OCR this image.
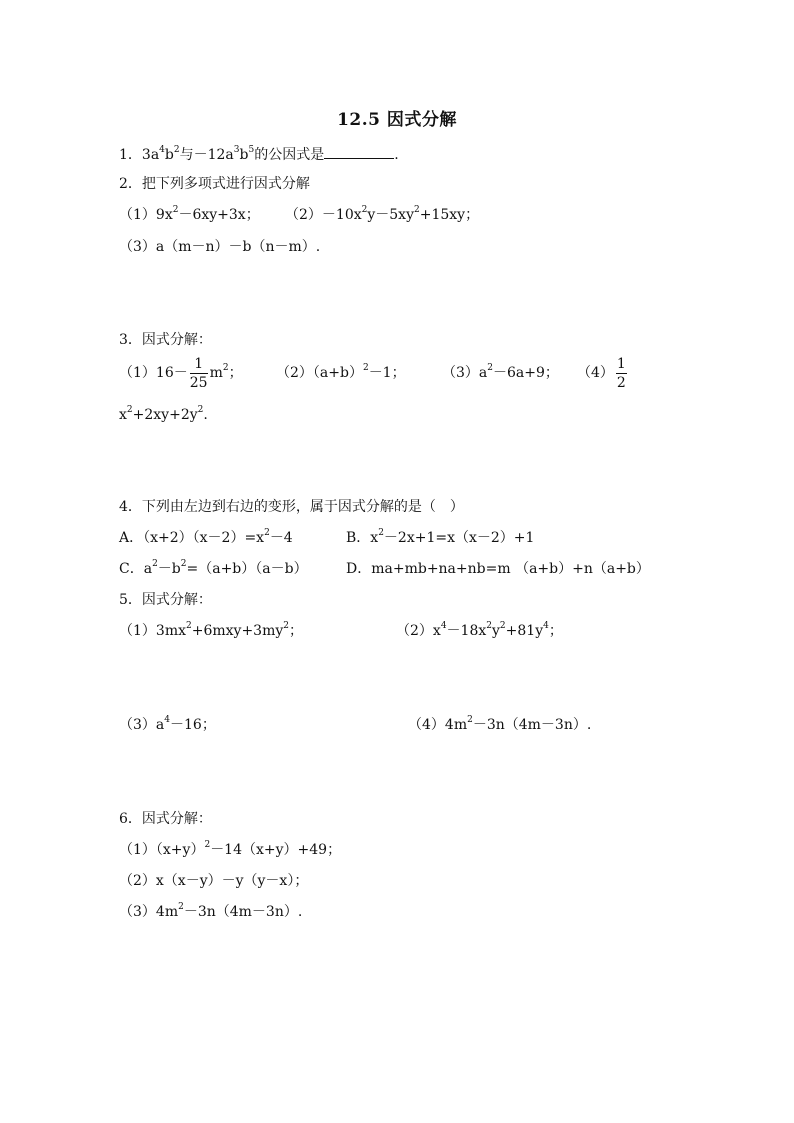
12.5 因式分解
1．$3a^4b^2$与$-12a^3b^5$的公因式是	.
2．把下列多项式进行因式分解
$(1)9x^2-6xy+3x$； $(2)-10x^2y-5xy^2+15xy$；
（3）a（m－n）－b（n－m）.
3．因式分解：
$(1)16- \frac{1}{25} m^2$； $(2)(a+b)^2-1$；	$(3)a^2-6a+9$； $(4) \frac{1}{2}$
$x^2+2xy+2y^2$.
4．下列由左边到右边的变形，属于因式分解的是（　）
A．$(x+2)(x-2)=x^2-4$	B．$x^2-2x+1=x(x-2)+1$
C．$a^2-b^2=(a+b)(a-b)$	D．ma+mb+na+nb=m （a+b）+n（a+b）
5．因式分解：
$(1)3mx^2+6mxy+3my^2$；	$(2)x^4-18x^2y^2+81y^4$；
$(3)a^4-16$；	$(4)4m^2-3n(4m-3n)$.
6．因式分解：
$(1)(x+y)^2-14(x+y)+49$；
（2）x（x－y）－y（y－x）；
$(3)4m^2-3n(4m-3n)$.
